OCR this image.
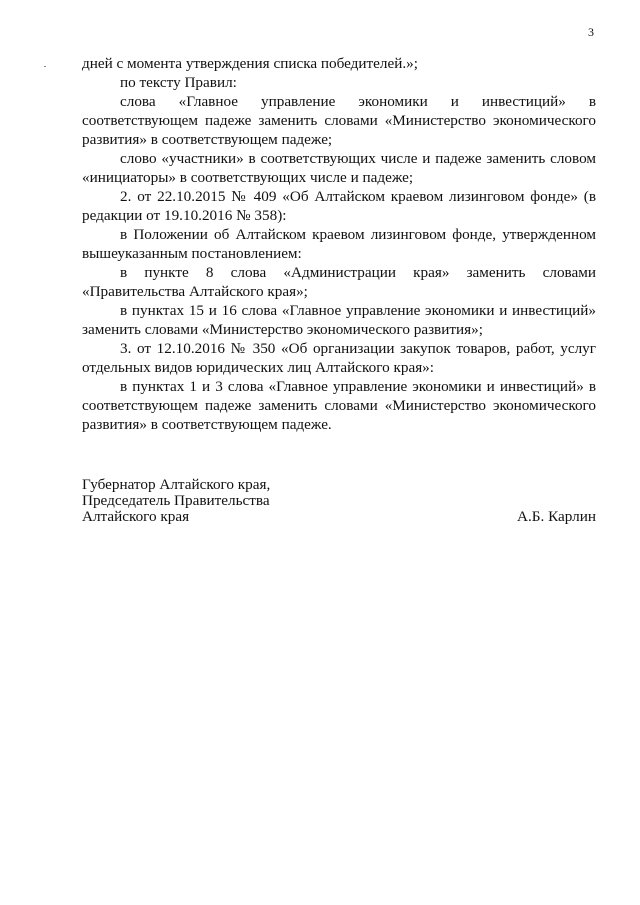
3

дней с момента утверждения списка победителей.»;

по тексту Правил:

слова «Главное управление экономики и инвестиций» в соответствующем падеже заменить словами «Министерство экономического развития» в соответствующем падеже;

слово «участники» в соответствующих числе и падеже заменить словом «инициаторы» в соответствующих числе и падеже;

2. от 22.10.2015 № 409 «Об Алтайском краевом лизинговом фонде» (в редакции от 19.10.2016 № 358):

в Положении об Алтайском краевом лизинговом фонде, утвержденном вышеуказанным постановлением:

в пункте 8 слова «Администрации края» заменить словами «Правительства Алтайского края»;

в пунктах 15 и 16 слова «Главное управление экономики и инвестиций» заменить словами «Министерство экономического развития»;

3. от 12.10.2016 № 350 «Об организации закупок товаров, работ, услуг отдельных видов юридических лиц Алтайского края»:

в пунктах 1 и 3 слова «Главное управление экономики и инвестиций» в соответствующем падеже заменить словами «Министерство экономического развития» в соответствующем падеже.

Губернатор Алтайского края,
Председатель Правительства
Алтайского края	А.Б. Карлин
